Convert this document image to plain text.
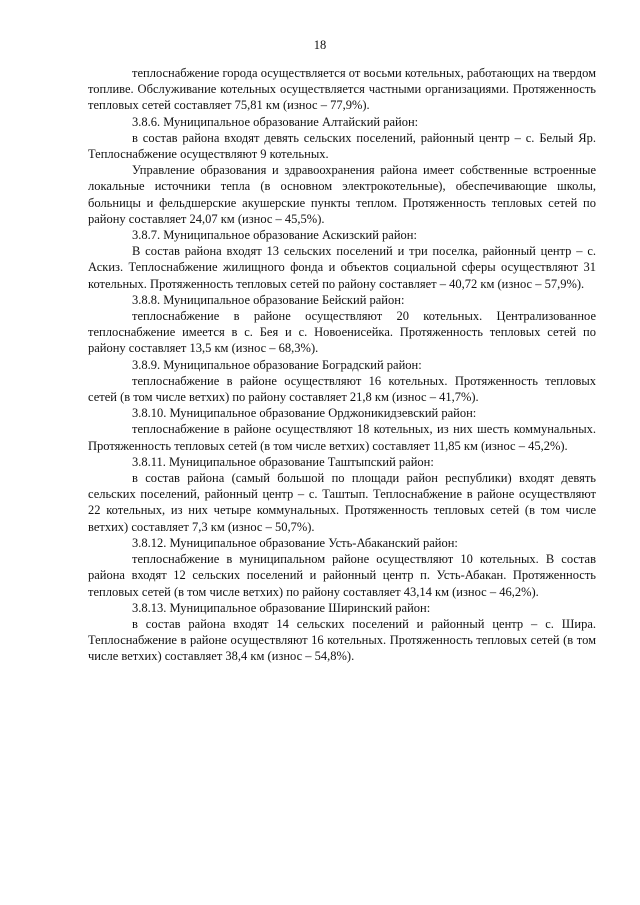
18

теплоснабжение города осуществляется от восьми котельных, работающих на твердом топливе. Обслуживание котельных осуществляется частными организациями. Протяженность тепловых сетей составляет 75,81 км (износ – 77,9%).

3.8.6. Муниципальное образование Алтайский район:

в состав района входят девять сельских поселений, районный центр – с. Белый Яр. Теплоснабжение осуществляют 9 котельных.

Управление образования и здравоохранения района имеет собственные встроенные локальные источники тепла (в основном электрокотельные), обеспечивающие школы, больницы и фельдшерские акушерские пункты теплом. Протяженность тепловых сетей по району составляет 24,07 км (износ – 45,5%).

3.8.7. Муниципальное образование Аскизский район:

В состав района входят 13 сельских поселений и три поселка, районный центр – с. Аскиз. Теплоснабжение жилищного фонда и объектов социальной сферы осуществляют 31 котельных. Протяженность тепловых сетей по району составляет – 40,72 км (износ – 57,9%).

3.8.8. Муниципальное образование Бейский район:

теплоснабжение в районе осуществляют 20 котельных. Централизованное теплоснабжение имеется в с. Бея и с. Новоенисейка. Протяженность тепловых сетей по району составляет 13,5 км (износ – 68,3%).

3.8.9. Муниципальное образование Боградский район:

теплоснабжение в районе осуществляют 16 котельных. Протяженность тепловых сетей (в том числе ветхих) по району составляет 21,8 км (износ – 41,7%).

3.8.10. Муниципальное образование Орджоникидзевский район:

теплоснабжение в районе осуществляют 18 котельных, из них шесть коммунальных. Протяженность тепловых сетей (в том числе ветхих) составляет 11,85 км (износ – 45,2%).

3.8.11. Муниципальное образование Таштыпский район:

в состав района (самый большой по площади район республики) входят девять сельских поселений, районный центр – с. Таштып. Теплоснабжение в районе осуществляют 22 котельных, из них четыре коммунальных. Протяженность тепловых сетей (в том числе ветхих) составляет 7,3 км (износ – 50,7%).

3.8.12. Муниципальное образование Усть-Абаканский район:

теплоснабжение в муниципальном районе осуществляют 10 котельных. В состав района входят 12 сельских поселений и районный центр п. Усть-Абакан. Протяженность тепловых сетей (в том числе ветхих) по району составляет 43,14 км (износ – 46,2%).

3.8.13. Муниципальное образование Ширинский район:

в состав района входят 14 сельских поселений и районный центр – с. Шира. Теплоснабжение в районе осуществляют 16 котельных. Протяженность тепловых сетей (в том числе ветхих) составляет 38,4 км (износ – 54,8%).
